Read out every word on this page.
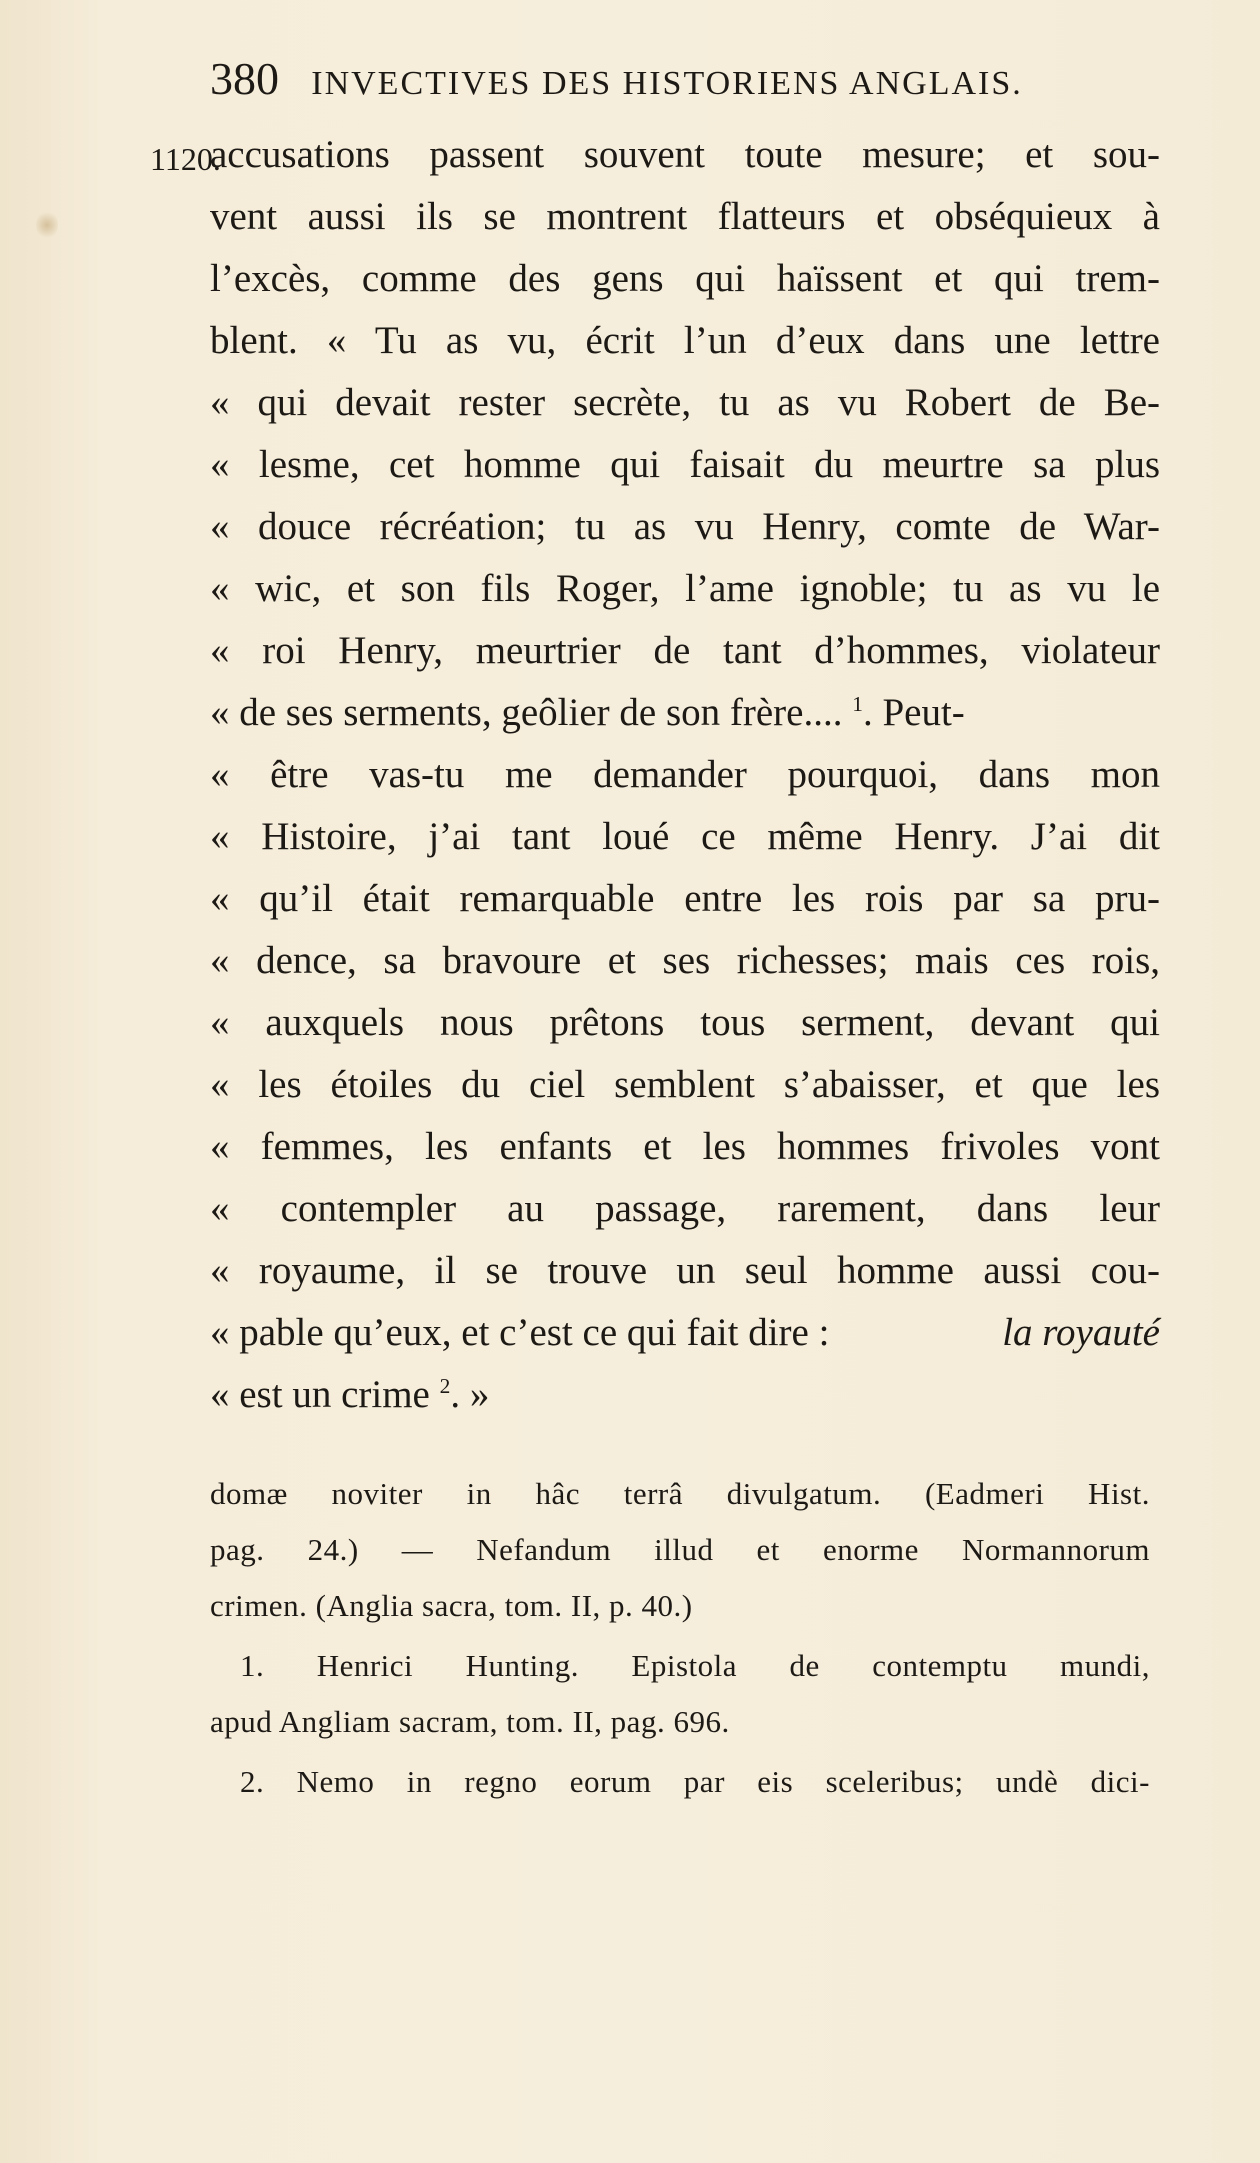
380 INVECTIVES DES HISTORIENS ANGLAIS.
1120.
accusations passent souvent toute mesure; et sou-
vent aussi ils se montrent flatteurs et obséquieux à
l’excès, comme des gens qui haïssent et qui trem-
blent. « Tu as vu, écrit l’un d’eux dans une lettre
« qui devait rester secrète, tu as vu Robert de Be-
« lesme, cet homme qui faisait du meurtre sa plus
« douce récréation; tu as vu Henry, comte de War-
« wic, et son fils Roger, l’ame ignoble; tu as vu le
« roi Henry, meurtrier de tant d’hommes, violateur
« de ses serments, geôlier de son frère.... $^1$. Peut-
« être vas-tu me demander pourquoi, dans mon
« Histoire, j’ai tant loué ce même Henry. J’ai dit
« qu’il était remarquable entre les rois par sa pru-
« dence, sa bravoure et ses richesses; mais ces rois,
« auxquels nous prêtons tous serment, devant qui
« les étoiles du ciel semblent s’abaisser, et que les
« femmes, les enfants et les hommes frivoles vont
« contempler au passage, rarement, dans leur
« royaume, il se trouve un seul homme aussi cou-
« pable qu’eux, et c’est ce qui fait dire :	la royauté
« est un crime $^2$. »
domæ noviter in hâc terrâ divulgatum. (Eadmeri Hist.
pag. 24.) — Nefandum illud et enorme Normannorum
crimen. (Anglia sacra, tom. II, p. 40.)
1. Henrici Hunting. Epistola de contemptu mundi,
apud Angliam sacram, tom. II, pag. 696.
2. Nemo in regno eorum par eis sceleribus; undè dici-
